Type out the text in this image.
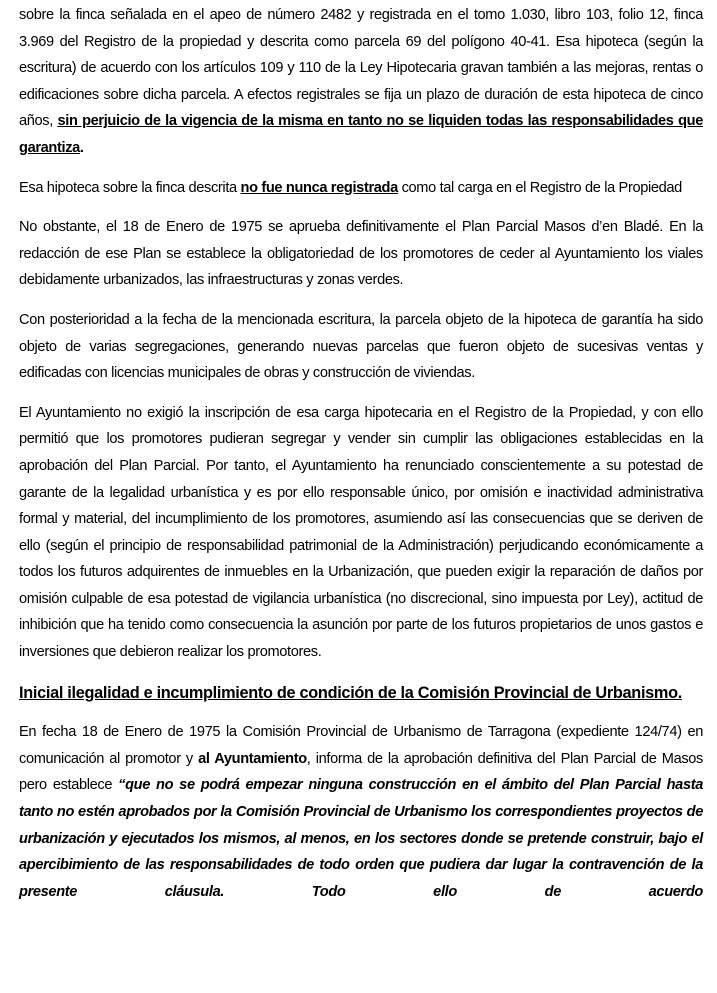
sobre la finca señalada en el apeo de número 2482 y registrada en el tomo 1.030, libro 103, folio 12, finca 3.969 del Registro de la propiedad y descrita como parcela 69 del polígono 40-41. Esa hipoteca (según la escritura) de acuerdo con los artículos 109 y 110 de la Ley Hipotecaria gravan también a las mejoras, rentas o edificaciones sobre dicha parcela. A efectos registrales se fija un plazo de duración de esta hipoteca de cinco años, sin perjuicio de la vigencia de la misma en tanto no se liquiden todas las responsabilidades que garantiza.

Esa hipoteca sobre la finca descrita no fue nunca registrada como tal carga en el Registro de la Propiedad

No obstante, el 18 de Enero de 1975 se aprueba definitivamente el Plan Parcial Masos d’en Bladé. En la redacción de ese Plan se establece la obligatoriedad de los promotores de ceder al Ayuntamiento los viales debidamente urbanizados, las infraestructuras y zonas verdes.

Con posterioridad a la fecha de la mencionada escritura, la parcela objeto de la hipoteca de garantía ha sido objeto de varias segregaciones, generando nuevas parcelas que fueron objeto de sucesivas ventas y edificadas con licencias municipales de obras y construcción de viviendas.

El Ayuntamiento no exigió la inscripción de esa carga hipotecaria en el Registro de la Propiedad, y con ello permitió que los promotores pudieran segregar y vender sin cumplir las obligaciones establecidas en la aprobación del Plan Parcial. Por tanto, el Ayuntamiento ha renunciado conscientemente a su potestad de garante de la legalidad urbanística y es por ello responsable único, por omisión e inactividad administrativa formal y material, del incumplimiento de los promotores, asumiendo así las consecuencias que se deriven de ello (según el principio de responsabilidad patrimonial de la Administración) perjudicando económicamente a todos los futuros adquirentes de inmuebles en la Urbanización, que pueden exigir la reparación de daños por omisión culpable de esa potestad de vigilancia urbanística (no discrecional, sino impuesta por Ley), actitud de inhibición que ha tenido como consecuencia la asunción por parte de los futuros propietarios de unos gastos e inversiones que debieron realizar los promotores.

Inicial ilegalidad e incumplimiento de condición de la Comisión Provincial de Urbanismo.

En fecha 18 de Enero de 1975 la Comisión Provincial de Urbanismo de Tarragona (expediente 124/74) en comunicación al promotor y al Ayuntamiento, informa de la aprobación definitiva del Plan Parcial de Masos pero establece “que no se podrá empezar ninguna construcción en el ámbito del Plan Parcial hasta tanto no estén aprobados por la Comisión Provincial de Urbanismo los correspondientes proyectos de urbanización y ejecutados los mismos, al menos, en los sectores donde se pretende construir, bajo el apercibimiento de las responsabilidades de todo orden que pudiera dar lugar la contravención de la presente cláusula. Todo ello de acuerdo
